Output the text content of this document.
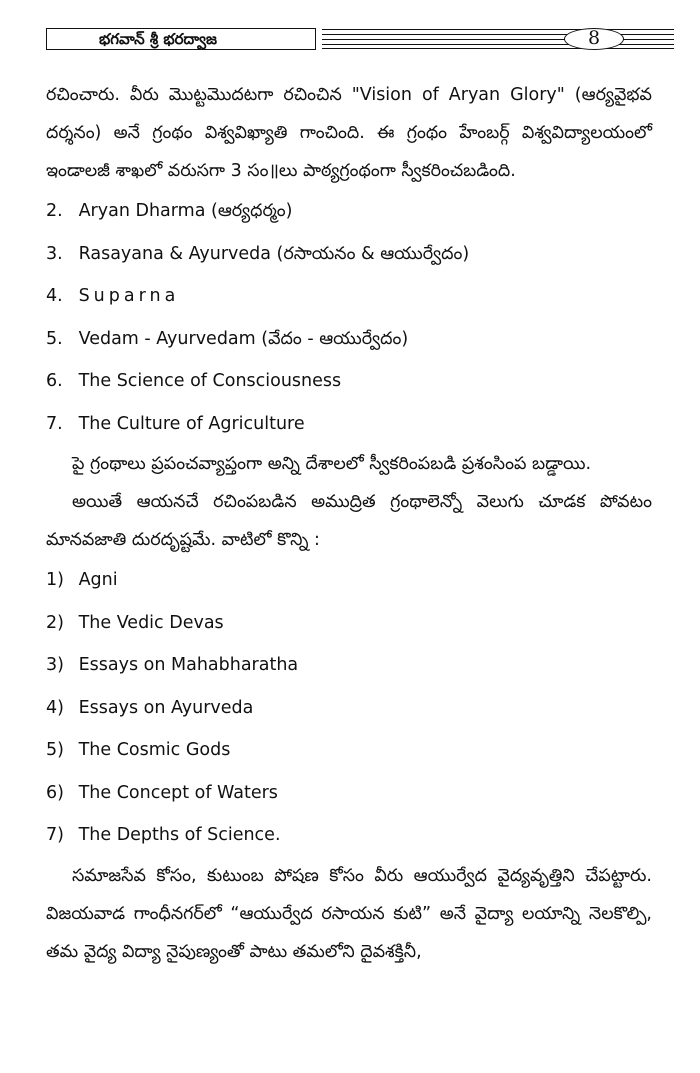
భగవాన్ శ్రీ భరద్వాజ	8

రచించారు. వీరు మొట్టమొదటగా రచించిన "Vision of Aryan Glory" (ఆర్యవైభవ దర్శనం) అనే గ్రంథం విశ్వవిఖ్యాతి గాంచింది. ఈ గ్రంథం హేంబర్గ్ విశ్వవిద్యాలయంలో ఇండాలజీ శాఖలో వరుసగా 3 సం॥లు పాఠ్యగ్రంథంగా స్వీకరించబడింది.

2. Aryan Dharma (ఆర్యధర్మం)
3. Rasayana & Ayurveda (రసాయనం & ఆయుర్వేదం)
4. Suparna
5. Vedam - Ayurvedam (వేదం - ఆయుర్వేదం)
6. The Science of Consciousness
7. The Culture of Agriculture

పై గ్రంథాలు ప్రపంచవ్యాప్తంగా అన్ని దేశాలలో స్వీకరింపబడి ప్రశంసింప బడ్డాయి.

అయితే ఆయనచే రచింపబడిన అముద్రిత గ్రంథాలెన్నో వెలుగు చూడక పోవటం మానవజాతి దురదృష్టమే. వాటిలో కొన్ని :

1) Agni
2) The Vedic Devas
3) Essays on Mahabharatha
4) Essays on Ayurveda
5) The Cosmic Gods
6) The Concept of Waters
7) The Depths of Science.

సమాజసేవ కోసం, కుటుంబ పోషణ కోసం వీరు ఆయుర్వేద వైద్యవృత్తిని చేపట్టారు. విజయవాడ గాంధీనగర్‌లో “ఆయుర్వేద రసాయన కుటి” అనే వైద్యా లయాన్ని నెలకొల్పి, తమ వైద్య విద్యా నైపుణ్యంతో పాటు తమలోని దైవశక్తినీ,
